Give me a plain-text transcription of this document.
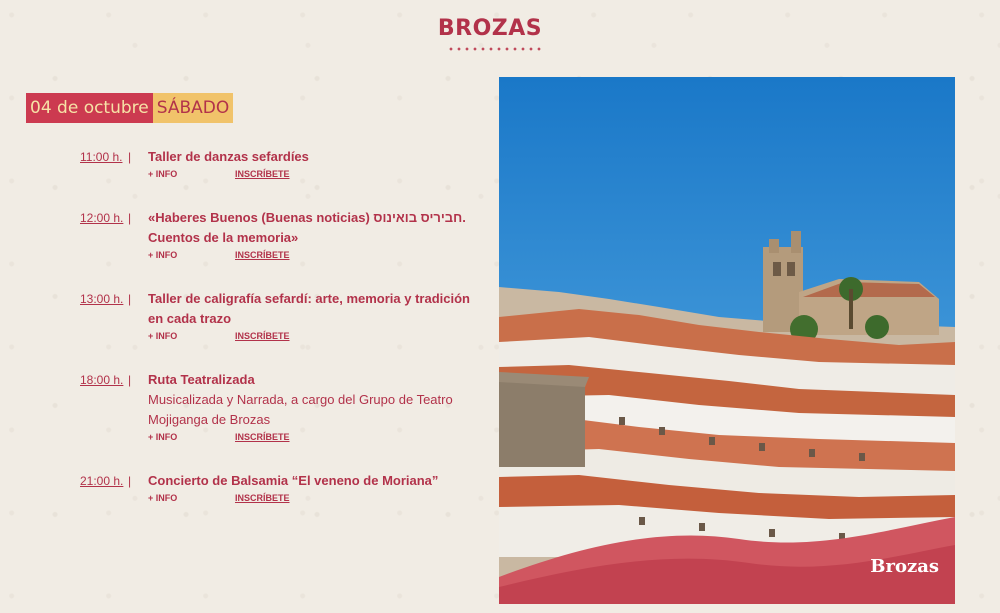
BROZAS
04 de octubre SÁBADO
11:00 h. | Taller de danzas sefardíes
+ INFO	INSCRÍBETE
12:00 h. | «Haberes Buenos (Buenas noticias) חביריס בואינוס. Cuentos de la memoria»
+ INFO	INSCRÍBETE
13:00 h. | Taller de caligrafía sefardí: arte, memoria y tradición en cada trazo
+ INFO	INSCRÍBETE
18:00 h. | Ruta Teatralizada
Musicalizada y Narrada, a cargo del Grupo de Teatro Mojiganga de Brozas
+ INFO	INSCRÍBETE
21:00 h. | Concierto de Balsamia “El veneno de Moriana”
+ INFO	INSCRÍBETE
Brozas
